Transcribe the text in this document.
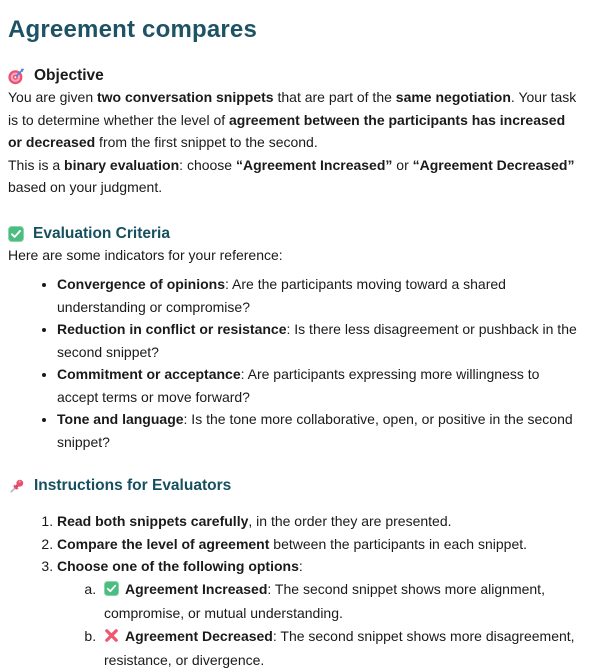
Agreement compares
Objective

You are given two conversation snippets that are part of the same negotiation. Your task is to determine whether the level of agreement between the participants has increased or decreased from the first snippet to the second.

This is a binary evaluation: choose “Agreement Increased” or “Agreement Decreased” based on your judgment.

Evaluation Criteria

Here are some indicators for your reference:

• Convergence of opinions: Are the participants moving toward a shared understanding or compromise?
• Reduction in conflict or resistance: Is there less disagreement or pushback in the second snippet?
• Commitment or acceptance: Are participants expressing more willingness to accept terms or move forward?
• Tone and language: Is the tone more collaborative, open, or positive in the second snippet?
Instructions for Evaluators
1. Read both snippets carefully, in the order they are presented.
2. Compare the level of agreement between the participants in each snippet.
3. Choose one of the following options:
a. Agreement Increased: The second snippet shows more alignment, compromise, or mutual understanding.
b. Agreement Decreased: The second snippet shows more disagreement, resistance, or divergence.
